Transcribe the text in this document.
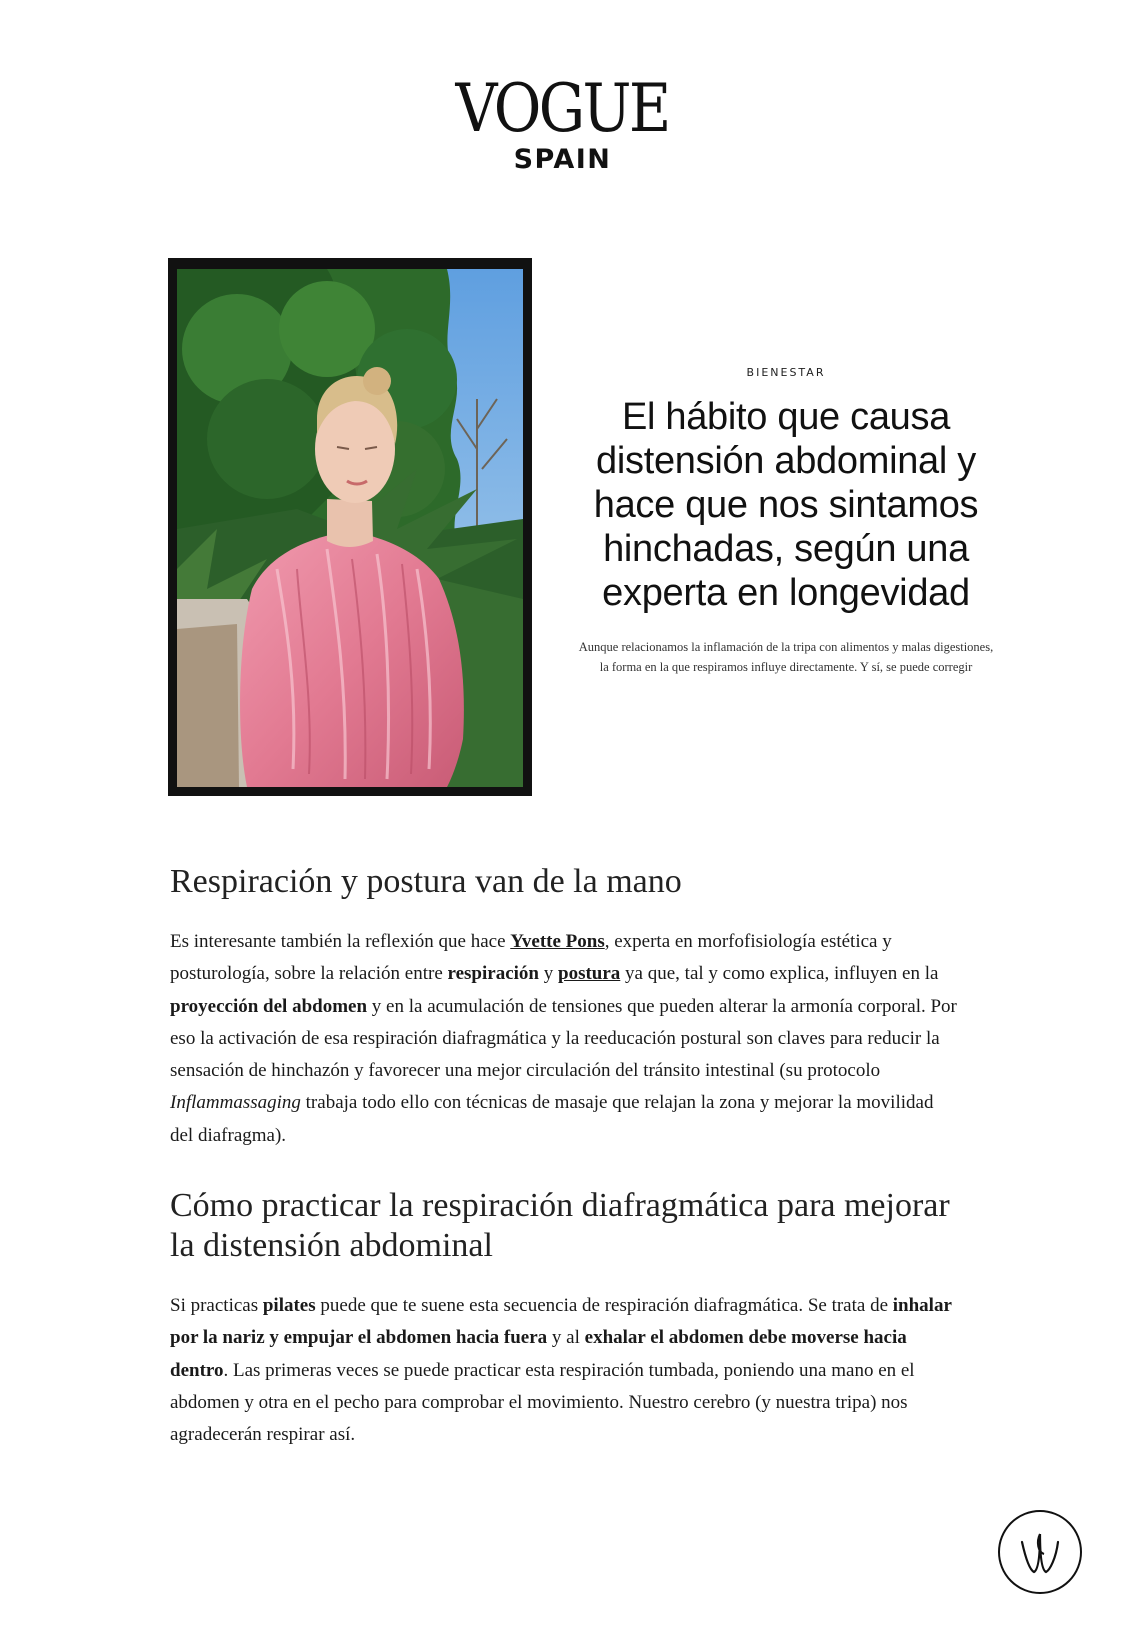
VOGUE
SPAIN
BIENESTAR
El hábito que causa distensión abdominal y hace que nos sintamos hinchadas, según una experta en longevidad

Aunque relacionamos la inflamación de la tripa con alimentos y malas digestiones, la forma en la que respiramos influye directamente. Y sí, se puede corregir

Respiración y postura van de la mano

Es interesante también la reflexión que hace Yvette Pons, experta en morfofisiología estética y posturología, sobre la relación entre respiración y postura ya que, tal y como explica, influyen en la proyección del abdomen y en la acumulación de tensiones que pueden alterar la armonía corporal. Por eso la activación de esa respiración diafragmática y la reeducación postural son claves para reducir la sensación de hinchazón y favorecer una mejor circulación del tránsito intestinal (su protocolo Inflammassaging trabaja todo ello con técnicas de masaje que relajan la zona y mejorar la movilidad del diafragma).

Cómo practicar la respiración diafragmática para mejorar la distensión abdominal

Si practicas pilates puede que te suene esta secuencia de respiración diafragmática. Se trata de inhalar por la nariz y empujar el abdomen hacia fuera y al exhalar el abdomen debe moverse hacia dentro. Las primeras veces se puede practicar esta respiración tumbada, poniendo una mano en el abdomen y otra en el pecho para comprobar el movimiento. Nuestro cerebro (y nuestra tripa) nos agradecerán respirar así.
